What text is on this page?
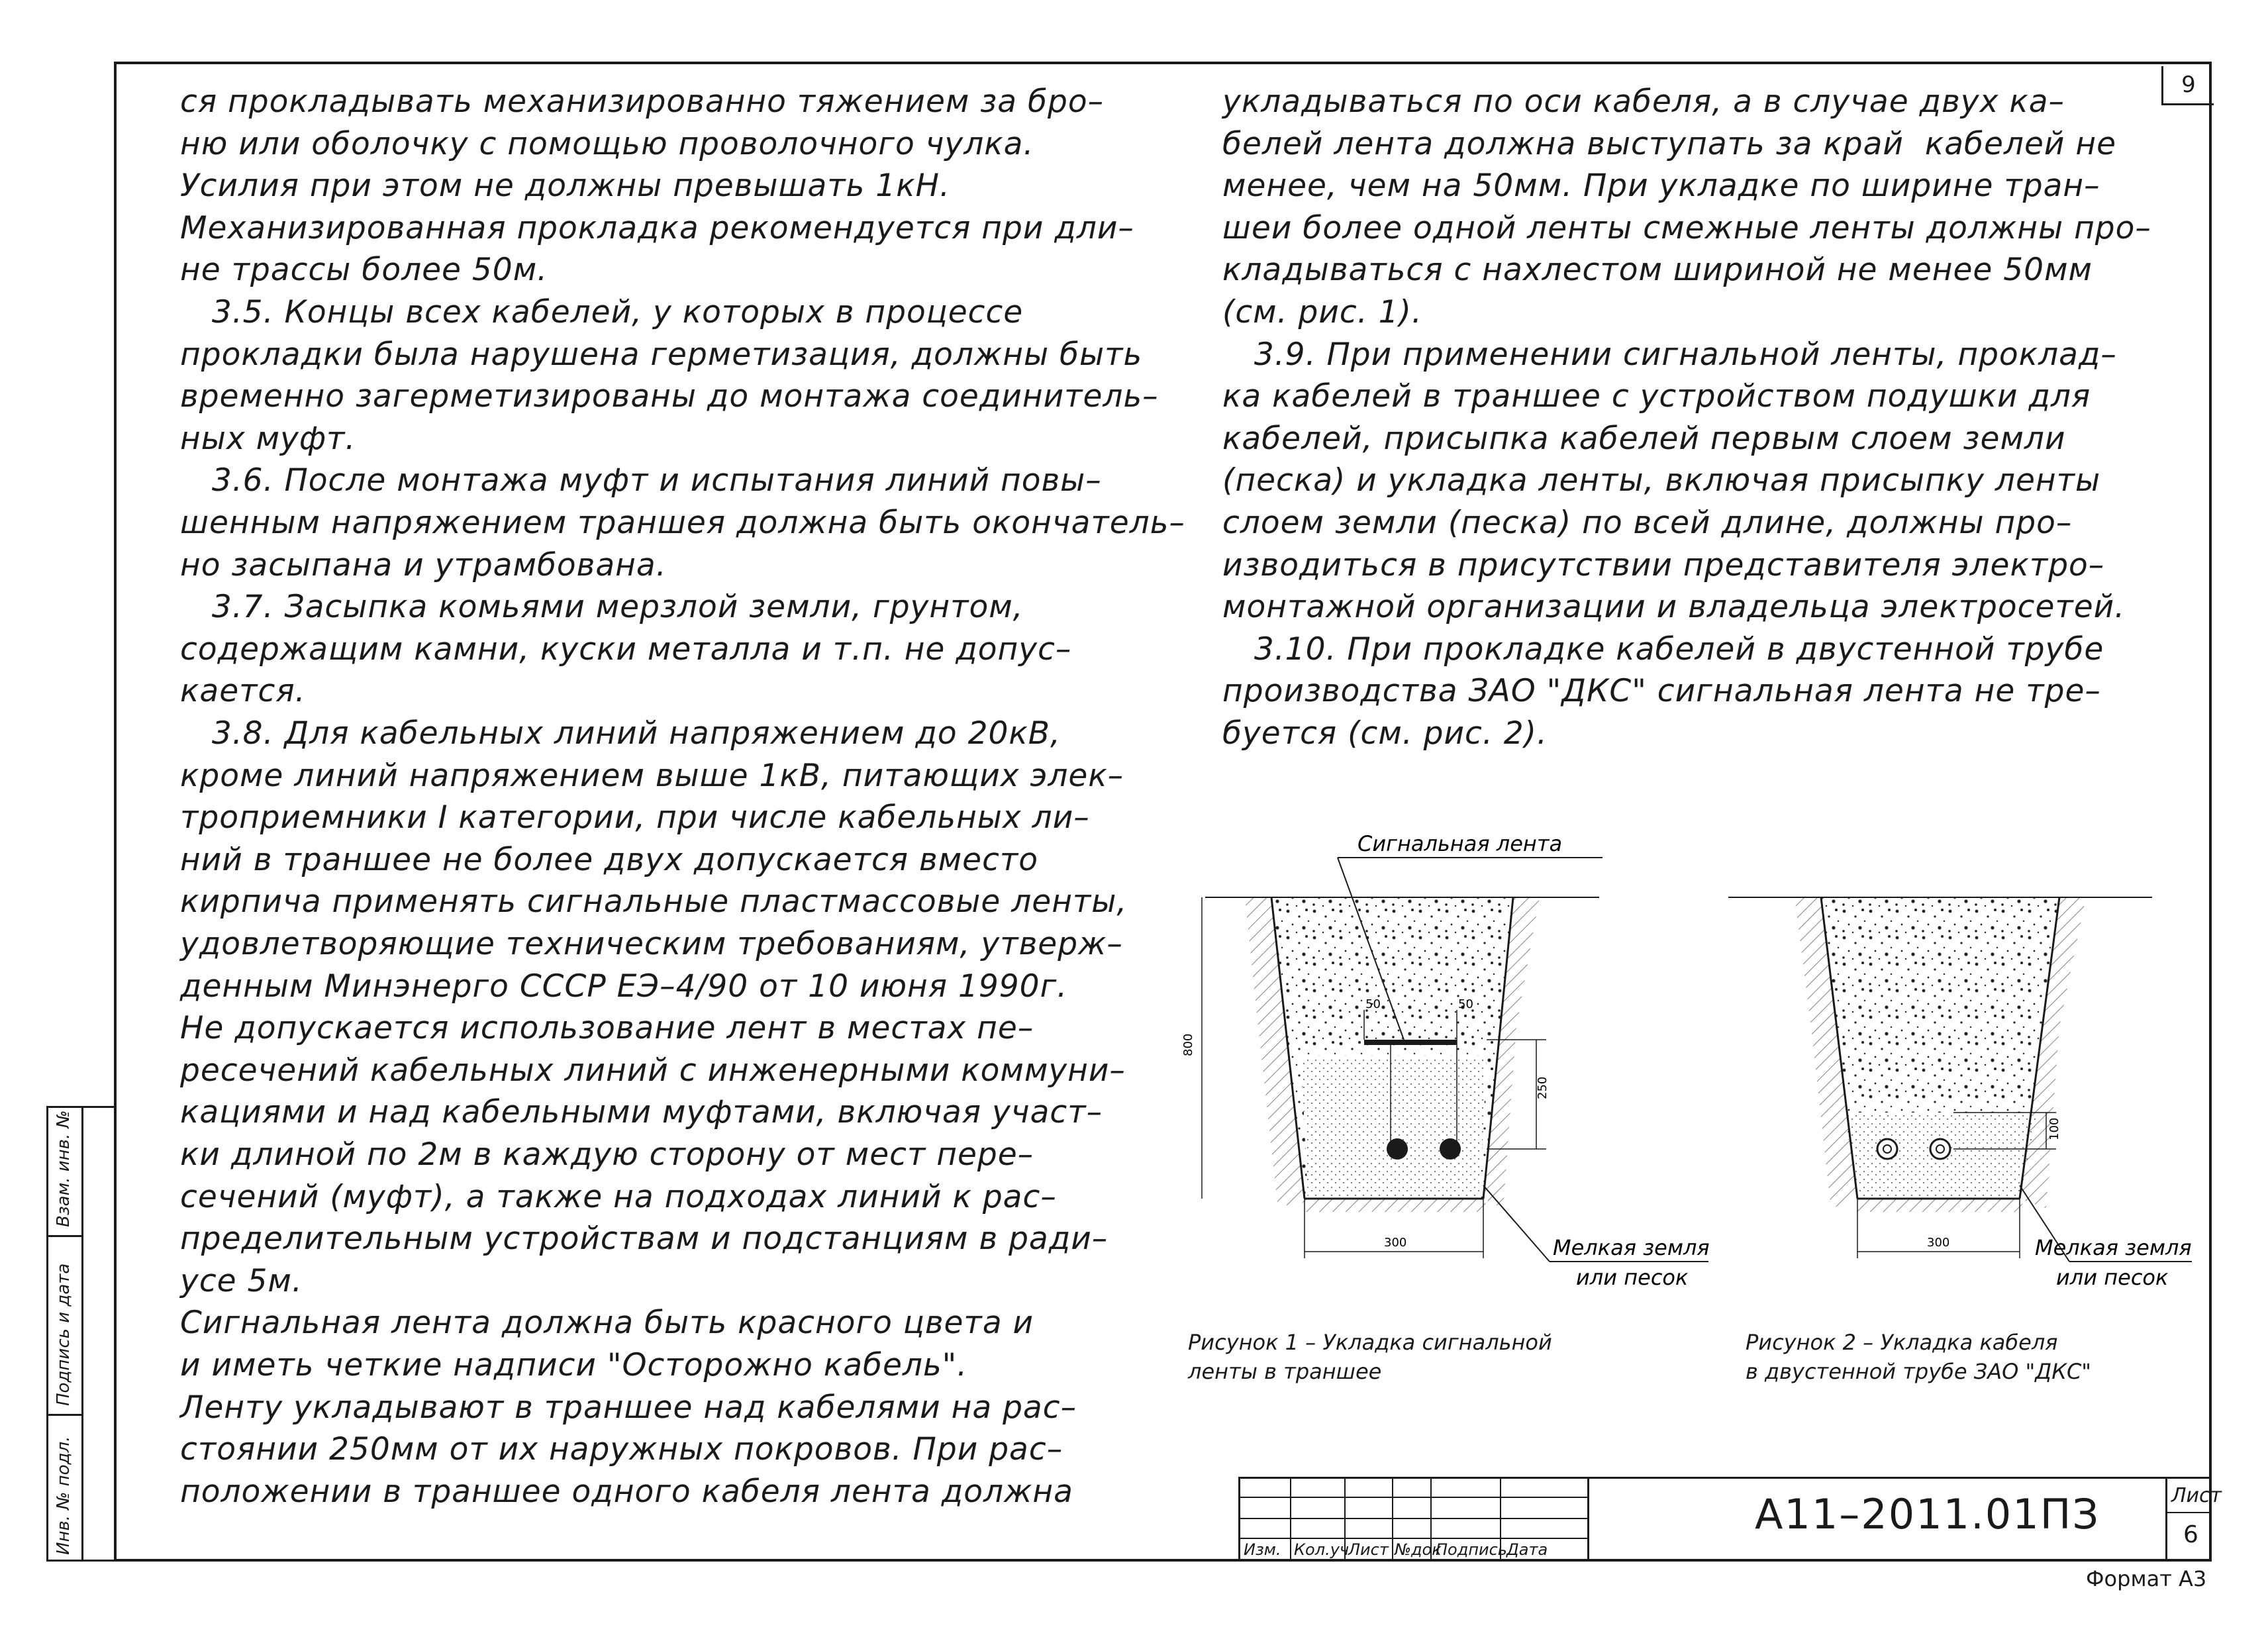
9
ся прокладывать механизированно тяжением за бро–
ню или оболочку с помощью проволочного чулка.
Усилия при этом не должны превышать 1кН.
Механизированная прокладка рекомендуется при дли–
не трассы более 50м.
3.5. Концы всех кабелей, у которых в процессе
прокладки была нарушена герметизация, должны быть
временно загерметизированы до монтажа соединитель–
ных муфт.
3.6. После монтажа муфт и испытания линий повы–
шенным напряжением траншея должна быть окончатель–
но засыпана и утрамбована.
3.7. Засыпка комьями мерзлой земли, грунтом,
содержащим камни, куски металла и т.п. не допус–
кается.
3.8. Для кабельных линий напряжением до 20кВ,
кроме линий напряжением выше 1кВ, питающих элек–
троприемники I категории, при числе кабельных ли–
ний в траншее не более двух допускается вместо
кирпича применять сигнальные пластмассовые ленты,
удовлетворяющие техническим требованиям, утверж–
денным Минэнерго СССР ЕЭ–4/90 от 10 июня 1990г.
Не допускается использование лент в местах пе–
ресечений кабельных линий с инженерными коммуни–
кациями и над кабельными муфтами, включая участ–
ки длиной по 2м в каждую сторону от мест пере–
сечений (муфт), а также на подходах линий к рас–
пределительным устройствам и подстанциям в ради–
усе 5м.
Сигнальная лента должна быть красного цвета и
и иметь четкие надписи "Осторожно кабель".
Ленту укладывают в траншее над кабелями на рас–
стоянии 250мм от их наружных покровов. При рас–
положении в траншее одного кабеля лента должна
укладываться по оси кабеля, а в случае двух ка–
белей лента должна выступать за край  кабелей не
менее, чем на 50мм. При укладке по ширине тран–
шеи более одной ленты смежные ленты должны про–
кладываться с нахлестом шириной не менее 50мм
(см. рис. 1).
3.9. При применении сигнальной ленты, проклад–
ка кабелей в траншее с устройством подушки для
кабелей, присыпка кабелей первым слоем земли
(песка) и укладка ленты, включая присыпку ленты
слоем земли (песка) по всей длине, должны про–
изводиться в присутствии представителя электро–
монтажной организации и владельца электросетей.
3.10. При прокладке кабелей в двустенной трубе
производства ЗАО "ДКС" сигнальная лента не тре–
буется (см. рис. 2).
Сигнальная лента
800
50	50
250
300	Мелкая земля
или песок
100
300	Мелкая земля
или песок
Рисунок 1 – Укладка сигнальной
ленты в траншее
Рисунок 2 – Укладка кабеля
в двустенной трубе ЗАО "ДКС"
Взам. инв. №
Подпись и дата
Инв. № подл.	Изм. Кол.уч
Лист №док
Подпись Дата
А11–2011.01ПЗ	Лист
6
Формат А3
